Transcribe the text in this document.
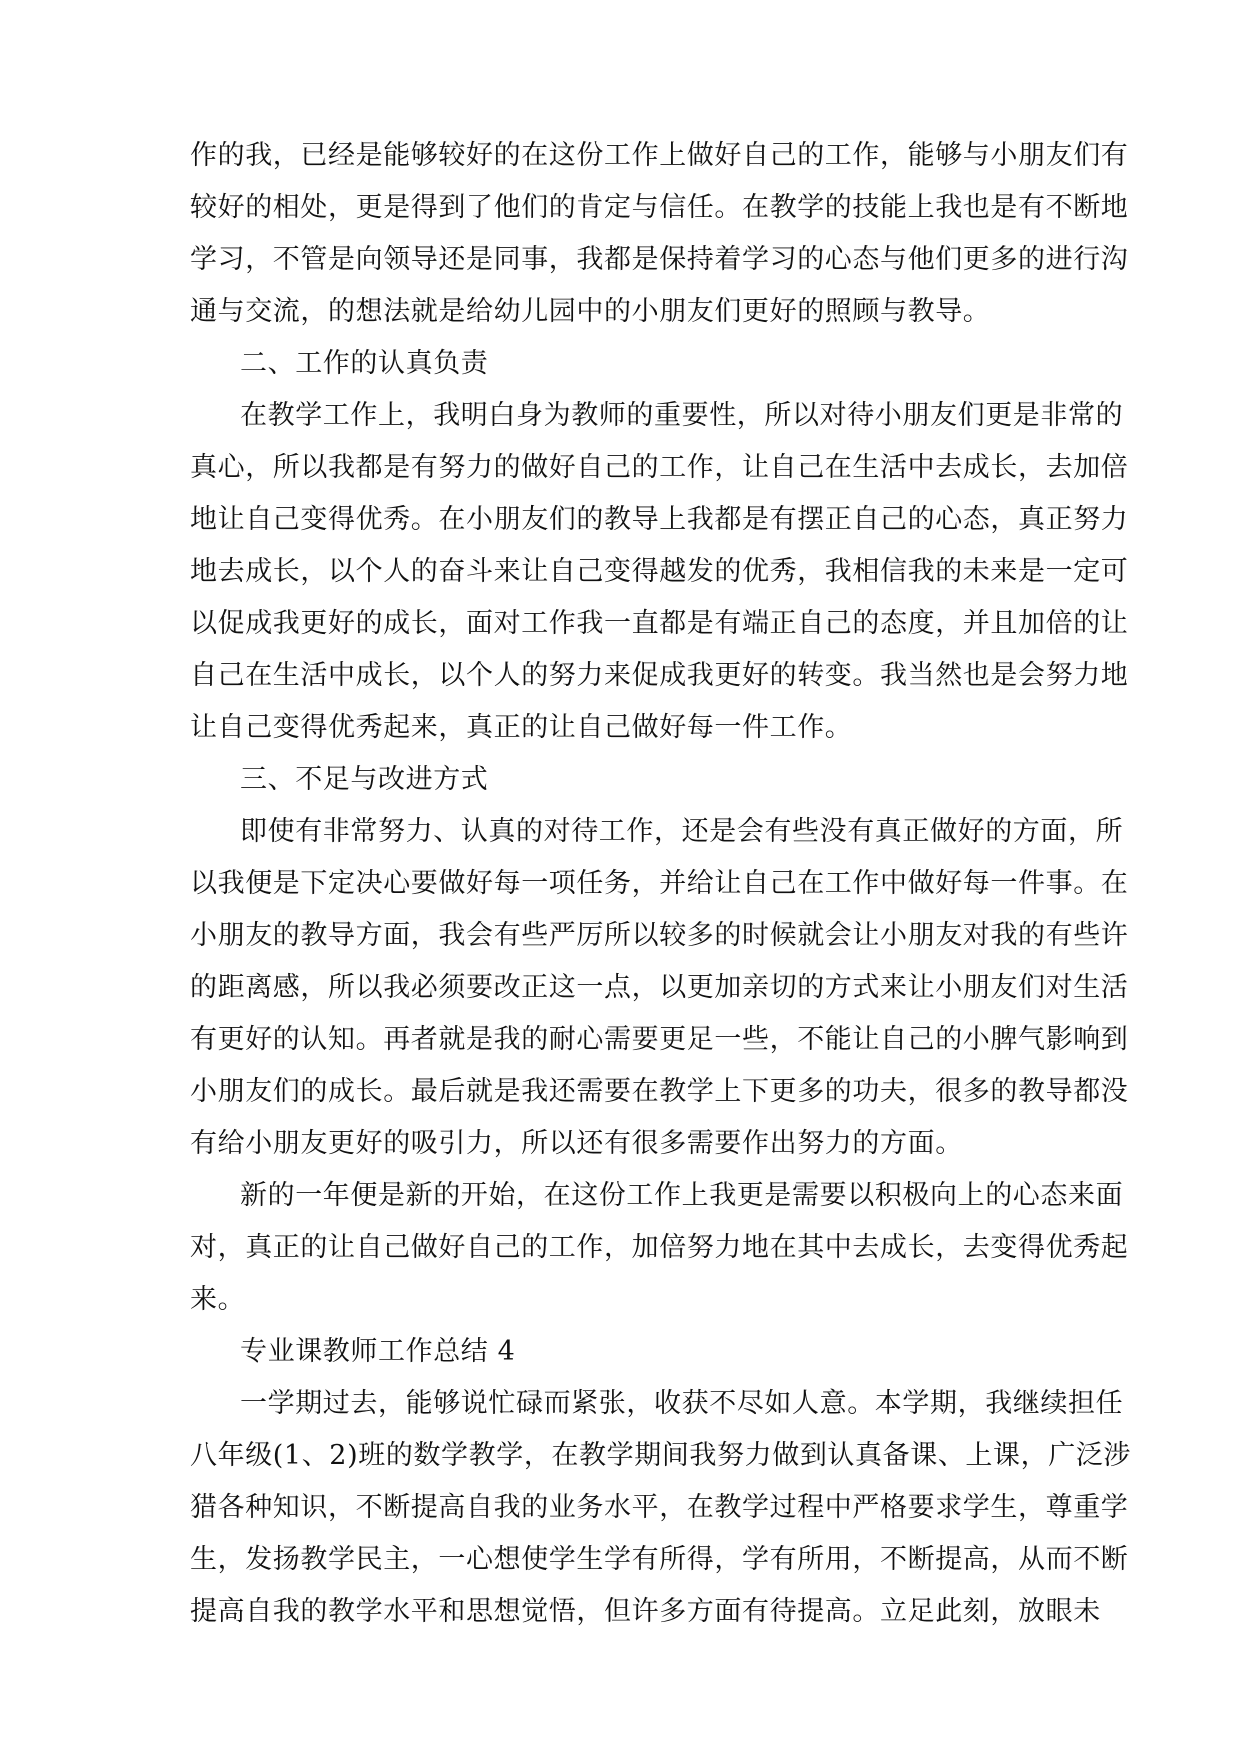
作的我，已经是能够较好的在这份工作上做好自己的工作，能够与小朋友们有
较好的相处，更是得到了他们的肯定与信任。在教学的技能上我也是有不断地
学习，不管是向领导还是同事，我都是保持着学习的心态与他们更多的进行沟
通与交流，的想法就是给幼儿园中的小朋友们更好的照顾与教导。
二、工作的认真负责
在教学工作上，我明白身为教师的重要性，所以对待小朋友们更是非常的
真心，所以我都是有努力的做好自己的工作，让自己在生活中去成长，去加倍
地让自己变得优秀。在小朋友们的教导上我都是有摆正自己的心态，真正努力
地去成长，以个人的奋斗来让自己变得越发的优秀，我相信我的未来是一定可
以促成我更好的成长，面对工作我一直都是有端正自己的态度，并且加倍的让
自己在生活中成长，以个人的努力来促成我更好的转变。我当然也是会努力地
让自己变得优秀起来，真正的让自己做好每一件工作。
三、不足与改进方式
即使有非常努力、认真的对待工作，还是会有些没有真正做好的方面，所
以我便是下定决心要做好每一项任务，并给让自己在工作中做好每一件事。在
小朋友的教导方面，我会有些严厉所以较多的时候就会让小朋友对我的有些许
的距离感，所以我必须要改正这一点，以更加亲切的方式来让小朋友们对生活
有更好的认知。再者就是我的耐心需要更足一些，不能让自己的小脾气影响到
小朋友们的成长。最后就是我还需要在教学上下更多的功夫，很多的教导都没
有给小朋友更好的吸引力，所以还有很多需要作出努力的方面。
新的一年便是新的开始，在这份工作上我更是需要以积极向上的心态来面
对，真正的让自己做好自己的工作，加倍努力地在其中去成长，去变得优秀起
来。
专业课教师工作总结 4
一学期过去，能够说忙碌而紧张，收获不尽如人意。本学期，我继续担任
八年级(1、2)班的数学教学，在教学期间我努力做到认真备课、上课，广泛涉
猎各种知识，不断提高自我的业务水平，在教学过程中严格要求学生，尊重学
生，发扬教学民主，一心想使学生学有所得，学有所用，不断提高，从而不断
提高自我的教学水平和思想觉悟，但许多方面有待提高。立足此刻，放眼未
